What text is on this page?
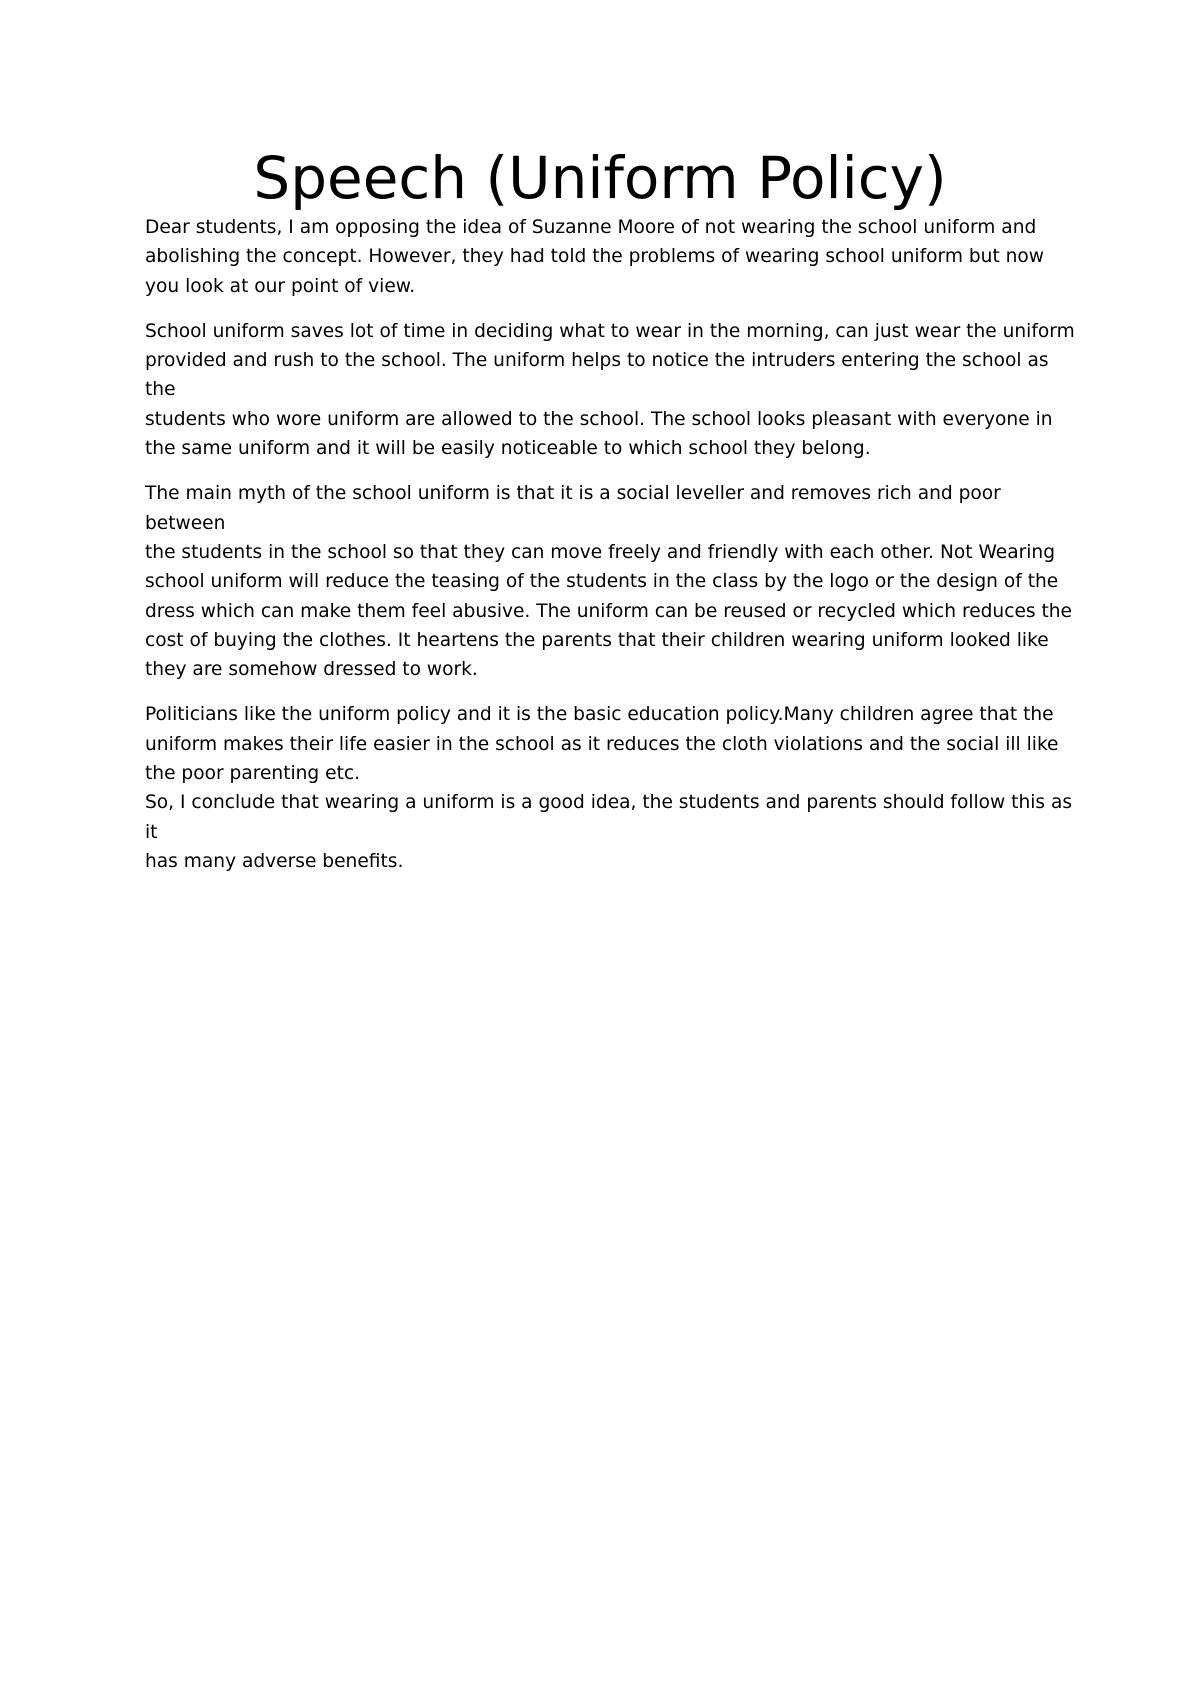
Speech (Uniform Policy)

Dear students, I am opposing the idea of Suzanne Moore of not wearing the school uniform and
abolishing the concept. However, they had told the problems of wearing school uniform but now
you look at our point of view.

School uniform saves lot of time in deciding what to wear in the morning, can just wear the uniform
provided and rush to the school. The uniform helps to notice the intruders entering the school as the
students who wore uniform are allowed to the school. The school looks pleasant with everyone in
the same uniform and it will be easily noticeable to which school they belong.

The main myth of the school uniform is that it is a social leveller and removes rich and poor between
the students in the school so that they can move freely and friendly with each other. Not Wearing
school uniform will reduce the teasing of the students in the class by the logo or the design of the
dress which can make them feel abusive. The uniform can be reused or recycled which reduces the
cost of buying the clothes. It heartens the parents that their children wearing uniform looked like
they are somehow dressed to work.

Politicians like the uniform policy and it is the basic education policy.Many children agree that the
uniform makes their life easier in the school as it reduces the cloth violations and the social ill like
the poor parenting etc.

So, I conclude that wearing a uniform is a good idea, the students and parents should follow this as it
has many adverse benefits.
